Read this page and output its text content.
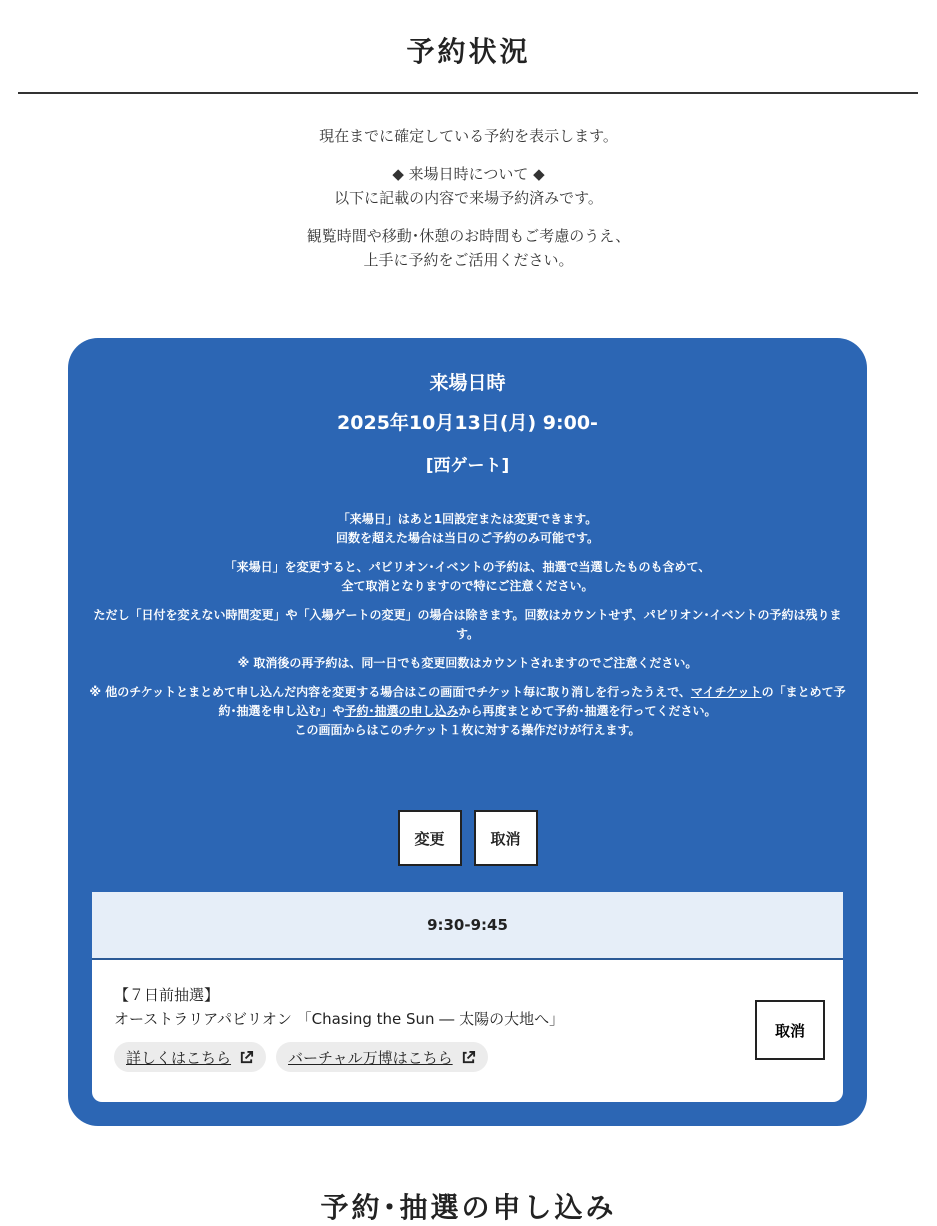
予約状況

現在までに確定している予約を表示します。

◆ 来場日時について ◆
以下に記載の内容で来場予約済みです。

観覧時間や移動･休憩のお時間もご考慮のうえ、
上手に予約をご活用ください。

来場日時
2025年10月13日(月) 9:00-
[西ゲート]

「来場日」はあと1回設定または変更できます。
回数を超えた場合は当日のご予約のみ可能です。

「来場日」を変更すると、パビリオン･イベントの予約は、抽選で当選したものも含めて、
全て取消となりますので特にご注意ください。

ただし「日付を変えない時間変更」や「入場ゲートの変更」の場合は除きます。回数はカウントせず、パビリオン･イベントの予約は残ります。

※ 取消後の再予約は、同一日でも変更回数はカウントされますのでご注意ください。

※ 他のチケットとまとめて申し込んだ内容を変更する場合はこの画面でチケット毎に取り消しを行ったうえで、マイチケットの「まとめて予約･抽選を申し込む」や予約･抽選の申し込みから再度まとめて予約･抽選を行ってください。
この画面からはこのチケット１枚に対する操作だけが行えます。

変更	取消
9:30-9:45
【７日前抽選】
オーストラリアパビリオン 「Chasing the Sun ― 太陽の大地へ」
詳しくはこちら	バーチャル万博はこちら
取消
予約･抽選の申し込み
